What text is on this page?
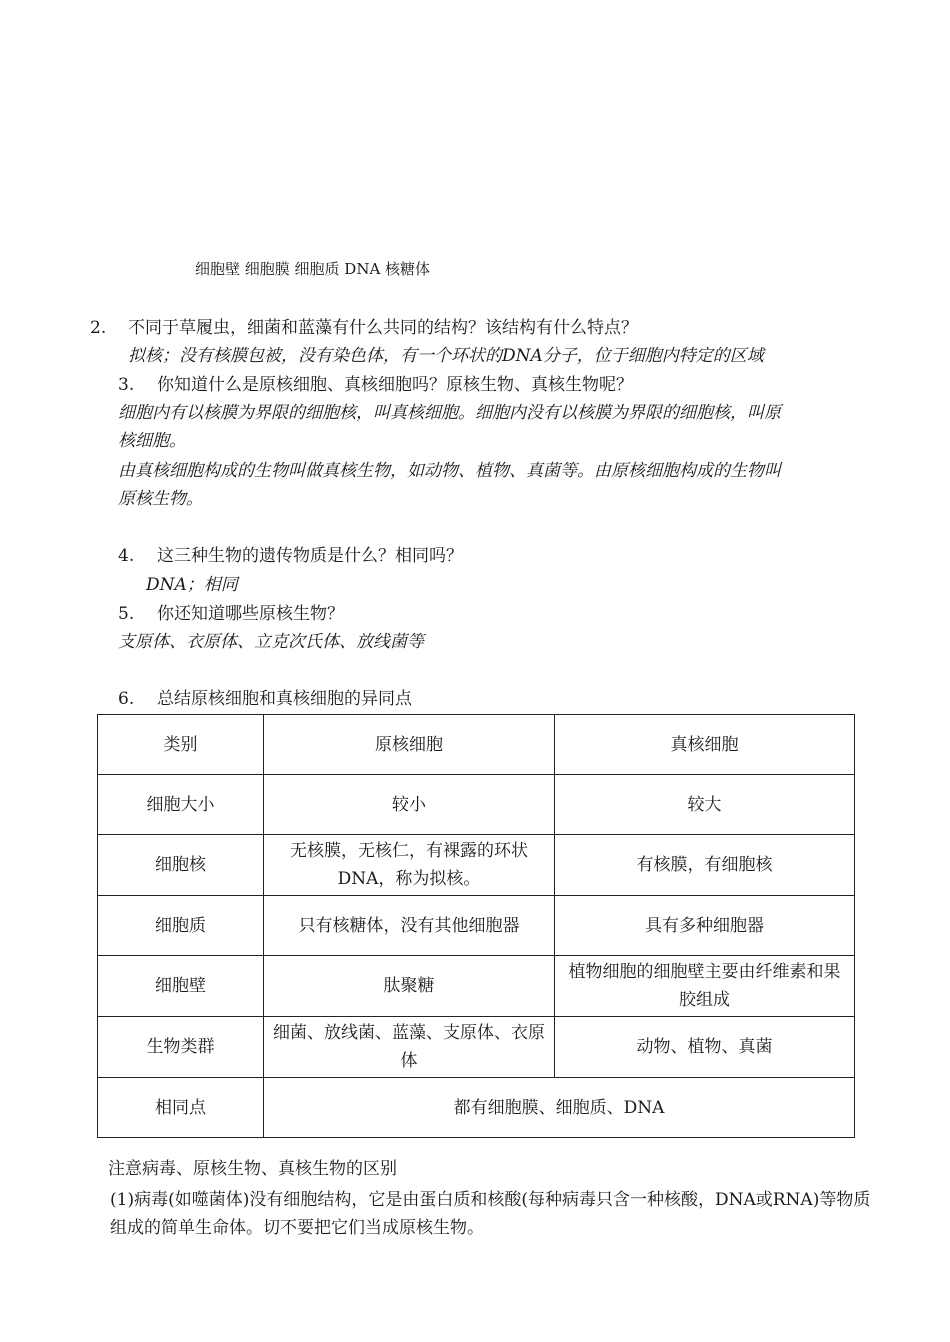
细胞壁 细胞膜 细胞质 DNA 核糖体
2. 不同于草履虫，细菌和蓝藻有什么共同的结构？该结构有什么特点？
拟核；没有核膜包被，没有染色体，有一个环状的DNA分子，位于细胞内特定的区域
3. 你知道什么是原核细胞、真核细胞吗？原核生物、真核生物呢？
细胞内有以核膜为界限的细胞核，叫真核细胞。细胞内没有以核膜为界限的细胞核，叫原
核细胞。
由真核细胞构成的生物叫做真核生物，如动物、植物、真菌等。由原核细胞构成的生物叫
原核生物。
4. 这三种生物的遗传物质是什么？相同吗？
DNA；相同
5. 你还知道哪些原核生物？
支原体、衣原体、立克次氏体、放线菌等
6. 总结原核细胞和真核细胞的异同点
类别	原核细胞	真核细胞
细胞大小	较小	较大
细胞核	无核膜，无核仁，有裸露的环状DNA，称为拟核。	有核膜，有细胞核
细胞质	只有核糖体，没有其他细胞器	具有多种细胞器
细胞壁	肽聚糖	植物细胞的细胞壁主要由纤维素和果胶组成
生物类群	细菌、放线菌、蓝藻、支原体、衣原体	动物、植物、真菌
相同点	都有细胞膜、细胞质、DNA	
注意病毒、原核生物、真核生物的区别
(1)病毒(如噬菌体)没有细胞结构，它是由蛋白质和核酸(每种病毒只含一种核酸，DNA或RNA)等物质组成的简单生命体。切不要把它们当成原核生物。
